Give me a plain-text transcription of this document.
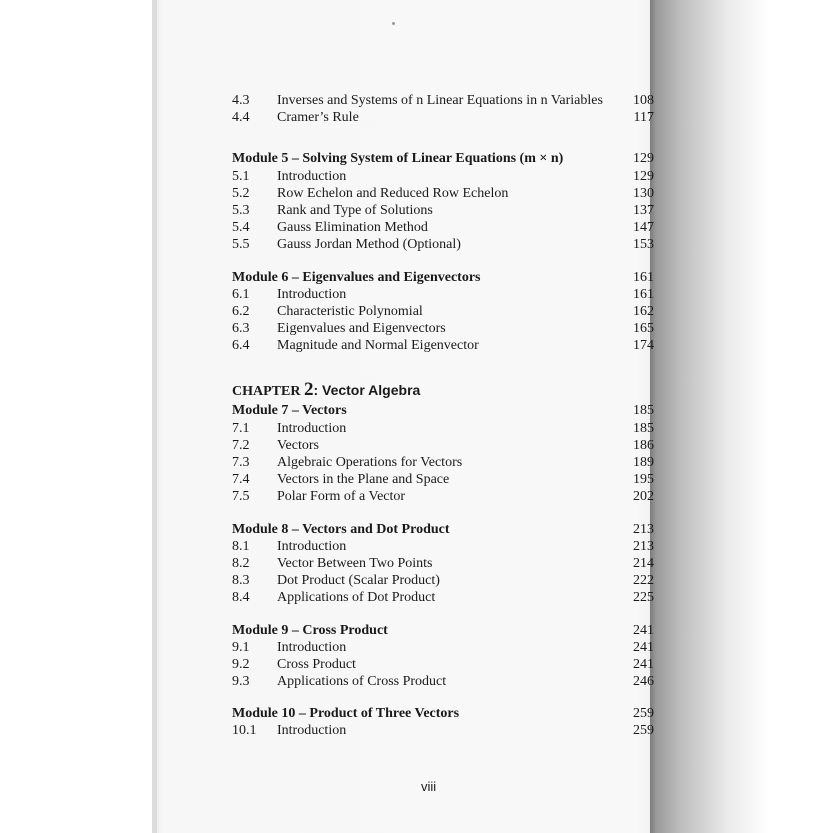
4.3 Inverses and Systems of n Linear Equations in n Variables 108
4.4 Cramer’s Rule	117
Module 5 – Solving System of Linear Equations (m × n)	129
5.1 Introduction	129
5.2 Row Echelon and Reduced Row Echelon	130
5.3 Rank and Type of Solutions	137
5.4 Gauss Elimination Method	147
5.5 Gauss Jordan Method (Optional)	153
Module 6 – Eigenvalues and Eigenvectors	161
6.1 Introduction	161
6.2 Characteristic Polynomial	162
6.3 Eigenvalues and Eigenvectors	165
6.4 Magnitude and Normal Eigenvector	174
CHAPTER 2: Vector Algebra
Module 7 – Vectors	185
7.1 Introduction	185
7.2 Vectors	186
7.3 Algebraic Operations for Vectors	189
7.4 Vectors in the Plane and Space	195
7.5 Polar Form of a Vector	202
Module 8 – Vectors and Dot Product	213
8.1 Introduction	213
8.2 Vector Between Two Points	214
8.3 Dot Product (Scalar Product)	222
8.4 Applications of Dot Product	225
Module 9 – Cross Product	241
9.1 Introduction	241
9.2 Cross Product	241
9.3 Applications of Cross Product	246
Module 10 – Product of Three Vectors	259
10.1 Introduction	259
viii
